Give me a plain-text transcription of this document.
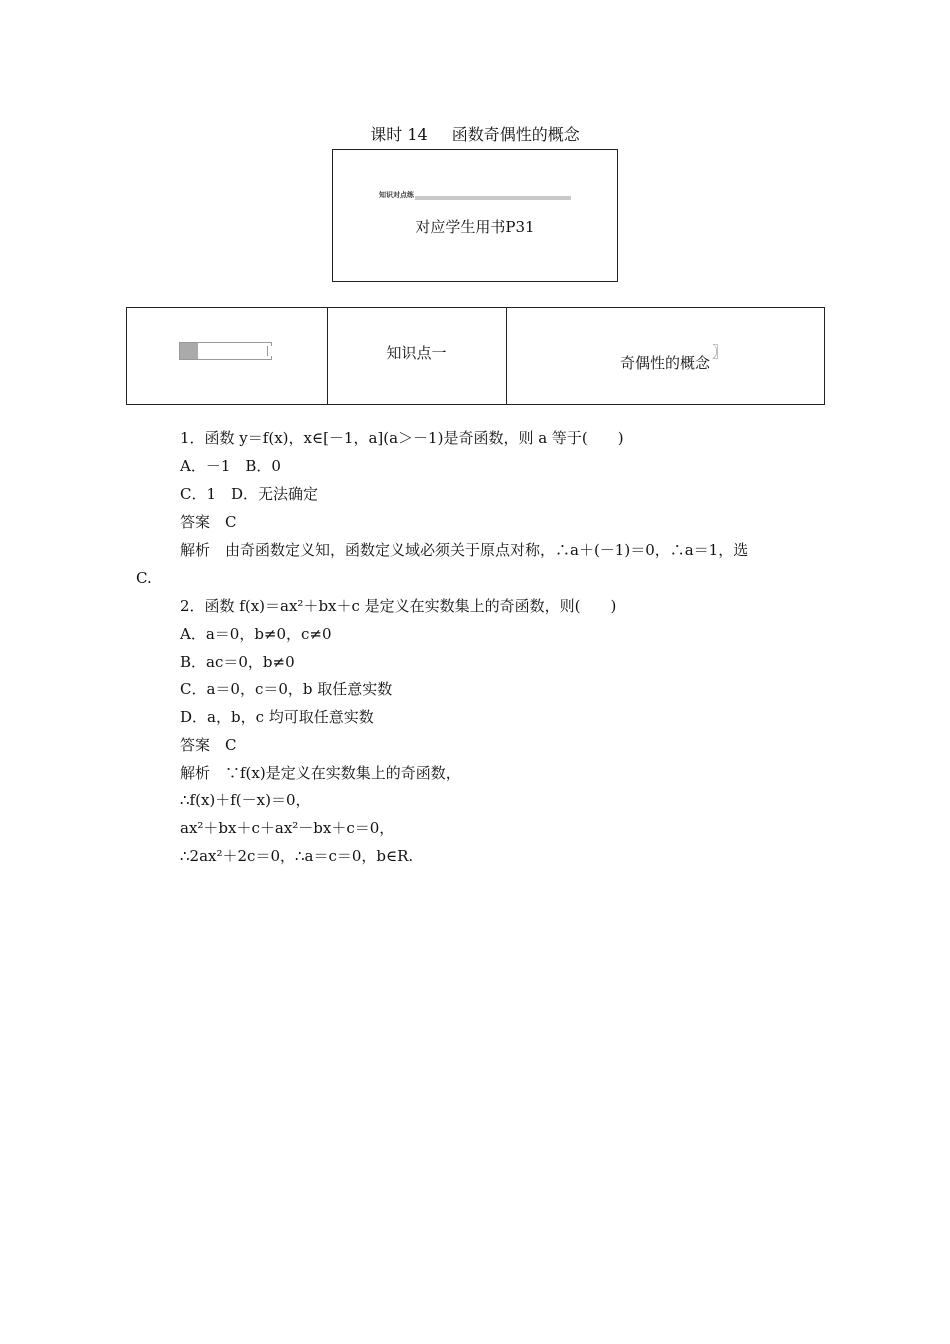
课时 14 函数奇偶性的概念
知识对点练
对应学生用书P31
知识点一
奇偶性的概念
〗
1．函数 y＝f(x)，x∈[－1，a](a＞－1)是奇函数，则 a 等于(　　)
A．－1　B．0
C．1　D．无法确定
答案　C
解析　由奇函数定义知，函数定义域必须关于原点对称，∴a＋(－1)＝0，∴a＝1，选
C.
2．函数 f(x)＝ax²＋bx＋c 是定义在实数集上的奇函数，则(　　)
A．a＝0，b≠0，c≠0
B．ac＝0，b≠0
C．a＝0，c＝0，b 取任意实数
D．a，b，c 均可取任意实数
答案　C
解析　∵f(x)是定义在实数集上的奇函数，
∴f(x)＋f(－x)＝0，
ax²＋bx＋c＋ax²－bx＋c＝0，
∴2ax²＋2c＝0，∴a＝c＝0，b∈R.
